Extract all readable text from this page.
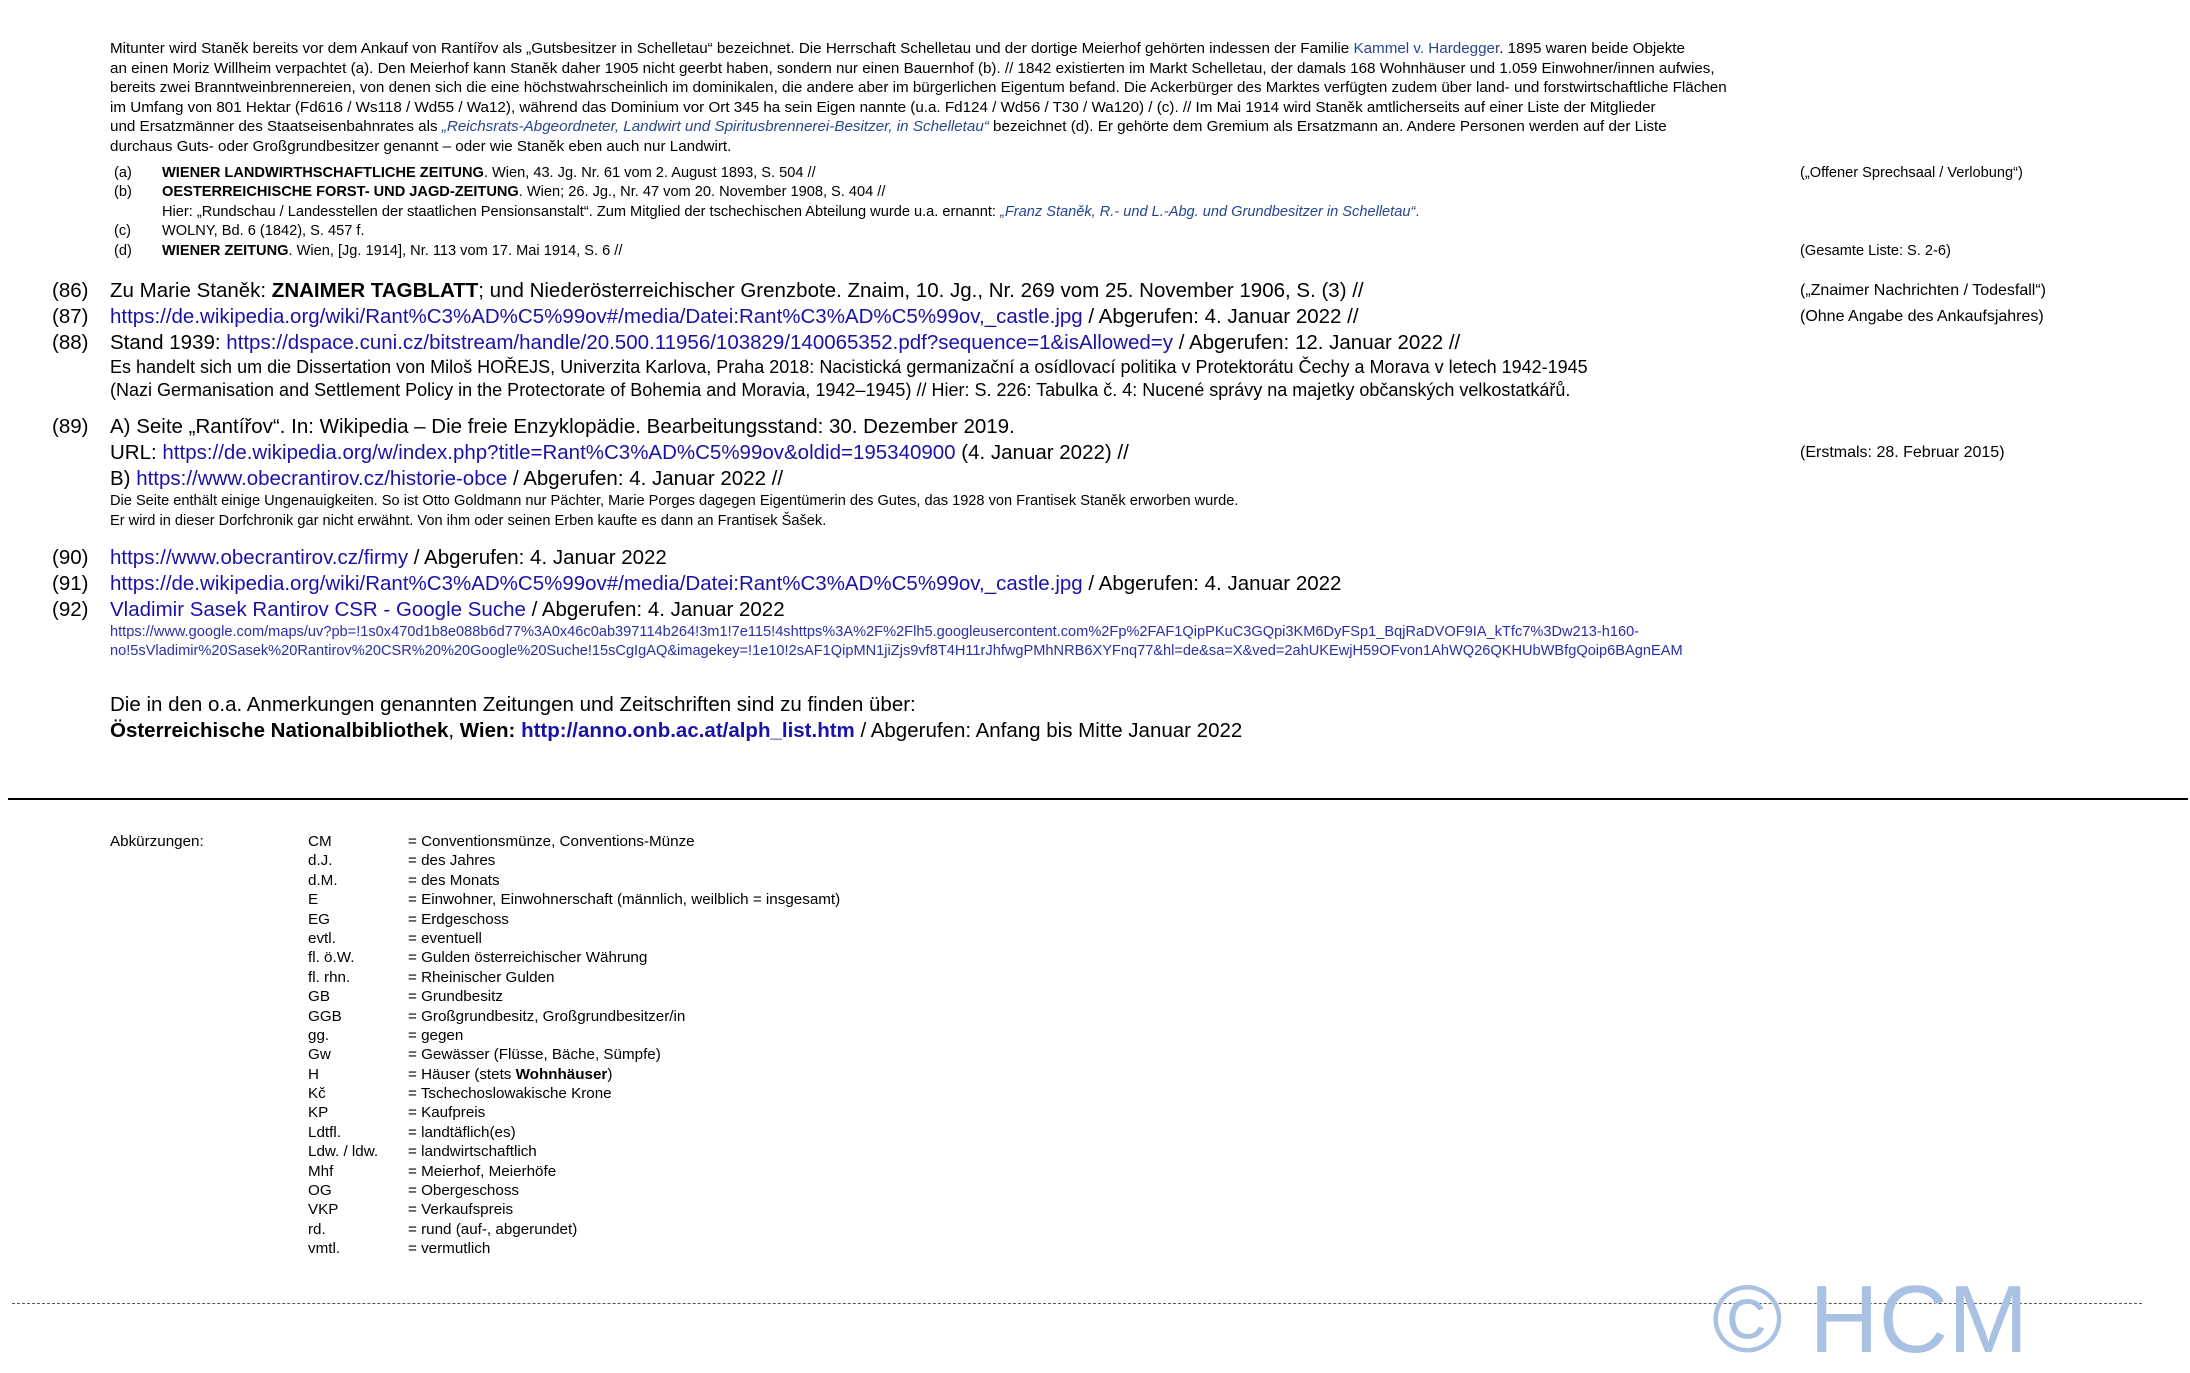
Mitunter wird Staněk bereits vor dem Ankauf von Rantířov als „Gutsbesitzer in Schelletau“ bezeichnet. Die Herrschaft Schelletau und der dortige Meierhof gehörten indessen der Familie Kammel v. Hardegger. 1895 waren beide Objekte
an einen Moriz Willheim verpachtet (a). Den Meierhof kann Staněk daher 1905 nicht geerbt haben, sondern nur einen Bauernhof (b). // 1842 existierten im Markt Schelletau, der damals 168 Wohnhäuser und 1.059 Einwohner/innen aufwies,
bereits zwei Branntweinbrennereien, von denen sich die eine höchstwahrscheinlich im dominikalen, die andere aber im bürgerlichen Eigentum befand. Die Ackerbürger des Marktes verfügten zudem über land- und forstwirtschaftliche Flächen
im Umfang von 801 Hektar (Fd616 / Ws118 / Wd55 / Wa12), während das Dominium vor Ort 345 ha sein Eigen nannte (u.a. Fd124 / Wd56 / T30 / Wa120) / (c). // Im Mai 1914 wird Staněk amtlicherseits auf einer Liste der Mitglieder
und Ersatzmänner des Staatseisenbahnrates als „Reichsrats-Abgeordneter, Landwirt und Spiritusbrennerei-Besitzer, in Schelletau“ bezeichnet (d). Er gehörte dem Gremium als Ersatzmann an. Andere Personen werden auf der Liste
durchaus Guts- oder Großgrundbesitzer genannt – oder wie Staněk eben auch nur Landwirt.
(a) WIENER LANDWIRTHSCHAFTLICHE ZEITUNG. Wien, 43. Jg. Nr. 61 vom 2. August 1893, S. 504 //	(„Offener Sprechsaal / Verlobung“)
(b) OESTERREICHISCHE FORST- UND JAGD-ZEITUNG. Wien; 26. Jg., Nr. 47 vom 20. November 1908, S. 404 //
Hier: „Rundschau / Landesstellen der staatlichen Pensionsanstalt“. Zum Mitglied der tschechischen Abteilung wurde u.a. ernannt: „Franz Staněk, R.- und L.-Abg. und Grundbesitzer in Schelletau“.
(c) WOLNY, Bd. 6 (1842), S. 457 f.
(d) WIENER ZEITUNG. Wien, [Jg. 1914], Nr. 113 vom 17. Mai 1914, S. 6 //	(Gesamte Liste: S. 2-6)
(86) Zu Marie Staněk: ZNAIMER TAGBLATT; und Niederösterreichischer Grenzbote. Znaim, 10. Jg., Nr. 269 vom 25. November 1906, S. (3) //	(„Znaimer Nachrichten / Todesfall“)
(87) https://de.wikipedia.org/wiki/Rant%C3%AD%C5%99ov#/media/Datei:Rant%C3%AD%C5%99ov,_castle.jpg / Abgerufen: 4. Januar 2022 //	(Ohne Angabe des Ankaufsjahres)
(88) Stand 1939: https://dspace.cuni.cz/bitstream/handle/20.500.11956/103829/140065352.pdf?sequence=1&isAllowed=y / Abgerufen: 12. Januar 2022 //
Es handelt sich um die Dissertation von Miloš HOŘEJS, Univerzita Karlova, Praha 2018: Nacistická germanizační a osídlovací politika v Protektorátu Čechy a Morava v letech 1942-1945
(Nazi Germanisation and Settlement Policy in the Protectorate of Bohemia and Moravia, 1942–1945) // Hier: S. 226: Tabulka č. 4: Nucené správy na majetky občanských velkostatkářů.
(89) A) Seite „Rantířov“. In: Wikipedia – Die freie Enzyklopädie. Bearbeitungsstand: 30. Dezember 2019.
URL: https://de.wikipedia.org/w/index.php?title=Rant%C3%AD%C5%99ov&oldid=195340900 (4. Januar 2022) //	(Erstmals: 28. Februar 2015)
B) https://www.obecrantirov.cz/historie-obce / Abgerufen: 4. Januar 2022 //
Die Seite enthält einige Ungenauigkeiten. So ist Otto Goldmann nur Pächter, Marie Porges dagegen Eigentümerin des Gutes, das 1928 von Frantisek Staněk erworben wurde.
Er wird in dieser Dorfchronik gar nicht erwähnt. Von ihm oder seinen Erben kaufte es dann an Frantisek Šašek.
(90) https://www.obecrantirov.cz/firmy / Abgerufen: 4. Januar 2022
(91) https://de.wikipedia.org/wiki/Rant%C3%AD%C5%99ov#/media/Datei:Rant%C3%AD%C5%99ov,_castle.jpg / Abgerufen: 4. Januar 2022
(92) Vladimir Sasek Rantirov CSR - Google Suche / Abgerufen: 4. Januar 2022
https://www.google.com/maps/uv?pb=!1s0x470d1b8e088b6d77%3A0x46c0ab397114b264!3m1!7e115!4shttps%3A%2F%2Flh5.googleusercontent.com%2Fp%2FAF1QipPKuC3GQpi3KM6DyFSp1_BqjRaDVOF9IA_kTfc7%3Dw213-h160-
no!5sVladimir%20Sasek%20Rantirov%20CSR%20%20Google%20Suche!15sCgIgAQ&imagekey=!1e10!2sAF1QipMN1jiZjs9vf8T4H11rJhfwgPMhNRB6XYFnq77&hl=de&sa=X&ved=2ahUKEwjH59OFvon1AhWQ26QKHUbWBfgQoip6BAgnEAM
Die in den o.a. Anmerkungen genannten Zeitungen und Zeitschriften sind zu finden über:
Österreichische Nationalbibliothek, Wien: http://anno.onb.ac.at/alph_list.htm / Abgerufen: Anfang bis Mitte Januar 2022
Abkürzungen:	CM	= Conventionsmünze, Conventions-Münze
d.J.	= des Jahres
d.M.	= des Monats
E	= Einwohner, Einwohnerschaft (männlich, weilblich = insgesamt)
EG	= Erdgeschoss
evtl.	= eventuell
fl. ö.W.	= Gulden österreichischer Währung
fl. rhn.	= Rheinischer Gulden
GB	= Grundbesitz
GGB	= Großgrundbesitz, Großgrundbesitzer/in
gg.	= gegen
Gw	= Gewässer (Flüsse, Bäche, Sümpfe)
H	= Häuser (stets Wohnhäuser)
Kč	= Tschechoslowakische Krone
KP	= Kaufpreis
Ldtfl.	= landtäflich(es)
Ldw. / ldw. = landwirtschaftlich
Mhf	= Meierhof, Meierhöfe
OG	= Obergeschoss
VKP	= Verkaufspreis
rd.	= rund (auf-, abgerundet)
vmtl.	= vermutlich
© HCM
